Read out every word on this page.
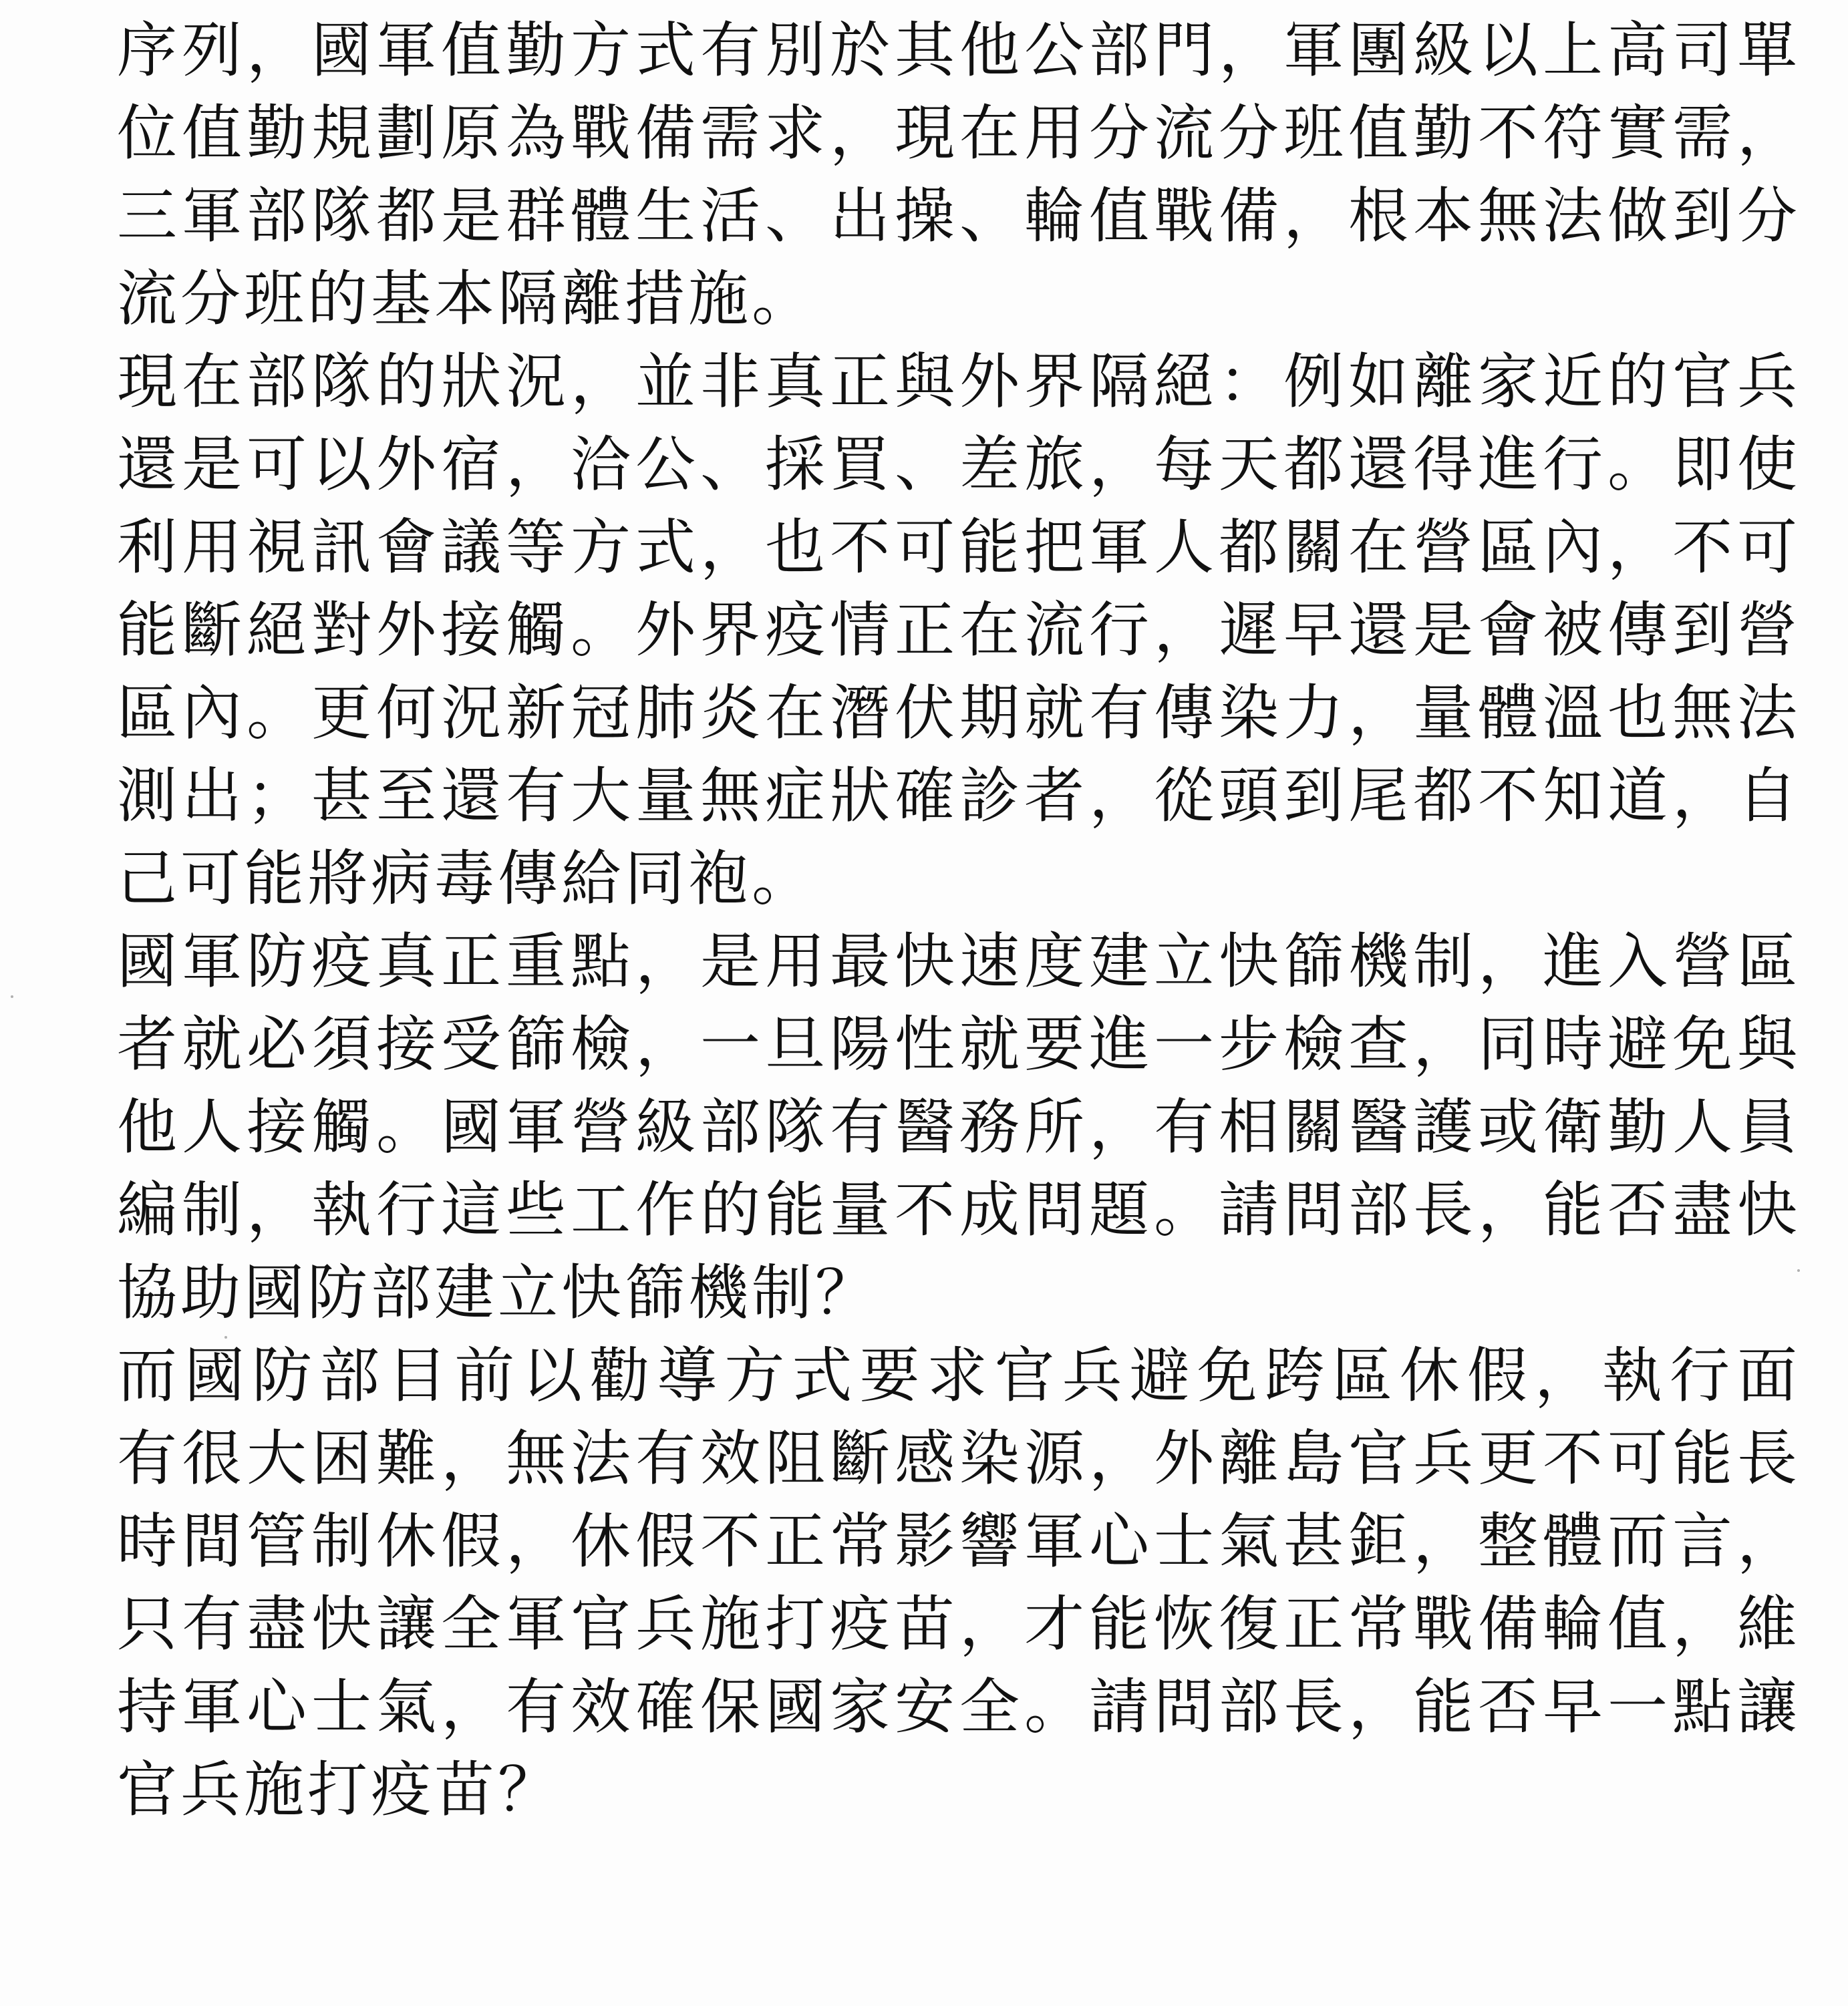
序列，國軍值勤方式有別於其他公部門，軍團級以上高司單
位值勤規劃原為戰備需求，現在用分流分班值勤不符實需，
三軍部隊都是群體生活、出操、輪值戰備，根本無法做到分
流分班的基本隔離措施。
現在部隊的狀況，並非真正與外界隔絕：例如離家近的官兵
還是可以外宿，洽公、採買、差旅，每天都還得進行。即使
利用視訊會議等方式，也不可能把軍人都關在營區內，不可
能斷絕對外接觸。外界疫情正在流行，遲早還是會被傳到營
區內。更何況新冠肺炎在潛伏期就有傳染力，量體溫也無法
測出；甚至還有大量無症狀確診者，從頭到尾都不知道，自
己可能將病毒傳給同袍。
國軍防疫真正重點，是用最快速度建立快篩機制，進入營區
者就必須接受篩檢，一旦陽性就要進一步檢查，同時避免與
他人接觸。國軍營級部隊有醫務所，有相關醫護或衛勤人員
編制，執行這些工作的能量不成問題。請問部長，能否盡快
協助國防部建立快篩機制？
而國防部目前以勸導方式要求官兵避免跨區休假，執行面
有很大困難，無法有效阻斷感染源，外離島官兵更不可能長
時間管制休假，休假不正常影響軍心士氣甚鉅，整體而言，
只有盡快讓全軍官兵施打疫苗，才能恢復正常戰備輪值，維
持軍心士氣，有效確保國家安全。請問部長，能否早一點讓
官兵施打疫苗？
